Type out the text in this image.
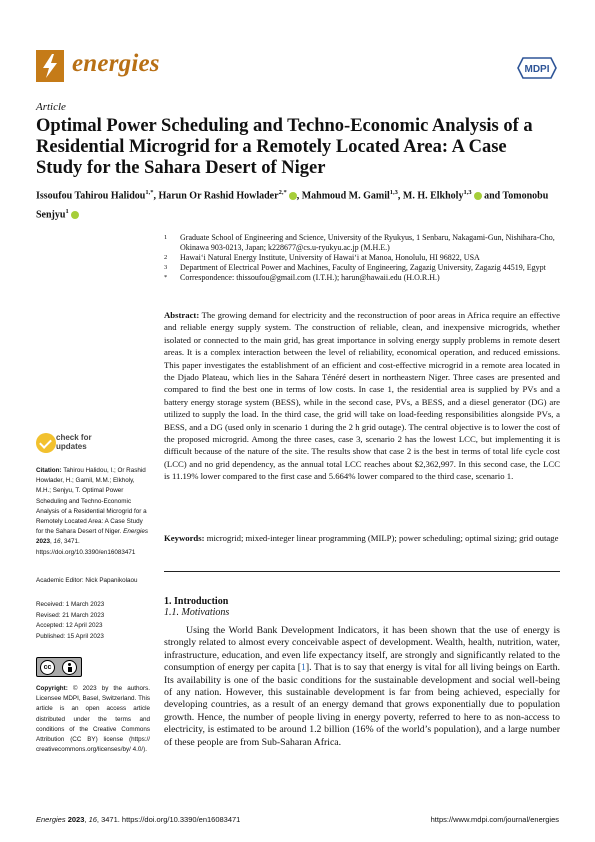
energies	MDPI
Article
Optimal Power Scheduling and Techno-Economic Analysis of a Residential Microgrid for a Remotely Located Area: A Case Study for the Sahara Desert of Niger
Issoufou Tahirou Halidou$^{1,*}$, Harun Or Rashid Howlader$^{2,*}$ , Mahmoud M. Gamil$^{1,3}$, M. H. Elkholy$^{1,3}$ and Tomonobu Senjyu$^1$
1 Graduate School of Engineering and Science, University of the Ryukyus, 1 Senbaru, Nakagami-Gun, Nishihara-Cho, Okinawa 903-0213, Japan; k228677@cs.u-ryukyu.ac.jp (M.H.E.)
2 Hawai‘i Natural Energy Institute, University of Hawai‘i at Manoa, Honolulu, HI 96822, USA
3 Department of Electrical Power and Machines, Faculty of Engineering, Zagazig University, Zagazig 44519, Egypt
* Correspondence: thissoufou@gmail.com (I.T.H.); harun@hawaii.edu (H.O.R.H.)

Abstract: The growing demand for electricity and the reconstruction of poor areas in Africa require an effective and reliable energy supply system. The construction of reliable, clean, and inexpensive microgrids, whether isolated or connected to the main grid, has great importance in solving energy supply problems in remote desert areas. It is a complex interaction between the level of reliability, economical operation, and reduced emissions. This paper investigates the establishment of an efficient and cost-effective microgrid in a remote area located in the Djado Plateau, which lies in the Sahara Ténéré desert in northeastern Niger. Three cases are presented and compared to find the best one in terms of low costs. In case 1, the residential area is supplied by PVs and a battery energy storage system (BESS), while in the second case, PVs, a BESS, and a diesel generator (DG) are utilized to supply the load. In the third case, the grid will take on load-feeding responsibilities alongside PVs, a BESS, and a DG (used only in scenario 1 during the 2 h grid outage). The central objective is to lower the cost of the proposed microgrid. Among the three cases, case 3, scenario 2 has the lowest LCC, but implementing it is difficult because of the nature of the site. The results show that case 2 is the best in terms of total life cycle cost (LCC) and no grid dependency, as the annual total LCC reaches about $2,362,997. In this second case, the LCC is 11.19% lower compared to the first case and 5.664% lower compared to the third case, scenario 1.

Keywords: microgrid; mixed-integer linear programming (MILP); power scheduling; optimal sizing; grid outage

1. Introduction
1.1. Motivations

Using the World Bank Development Indicators, it has been shown that the use of energy is strongly related to almost every conceivable aspect of development. Wealth, health, nutrition, water, infrastructure, education, and even life expectancy itself, are strongly and significantly related to the consumption of energy per capita [1]. That is to say that energy is vital for all living beings on Earth. Its availability is one of the basic conditions for the sustainable development and social well-being of any nation. However, this sustainable development is far from being achieved, especially for developing countries, as a result of an energy demand that grows exponentially due to population growth. Hence, the number of people living in energy poverty, referred to here to as non-access to electricity, is estimated to be around 1.2 billion (16% of the world’s population), and a large number of these people are from Sub-Saharan Africa.

check for
updates
Citation: Tahirou Halidou, I.; Or Rashid Howlader, H.; Gamil, M.M.; Elkholy, M.H.; Senjyu, T. Optimal Power Scheduling and Techno-Economic Analysis of a Residential Microgrid for a Remotely Located Area: A Case Study for the Sahara Desert of Niger. Energies 2023, 16, 3471. https://doi.org/10.3390/en16083471
Academic Editor: Nick Papanikolaou
Received: 1 March 2023
Revised: 21 March 2023
Accepted: 12 April 2023
Published: 15 April 2023
cc
Copyright: © 2023 by the authors. Licensee MDPI, Basel, Switzerland. This article is an open access article distributed under the terms and conditions of the Creative Commons Attribution (CC BY) license (https:// creativecommons.org/licenses/by/ 4.0/).
Energies 2023, 16, 3471. https://doi.org/10.3390/en16083471	https://www.mdpi.com/journal/energies
